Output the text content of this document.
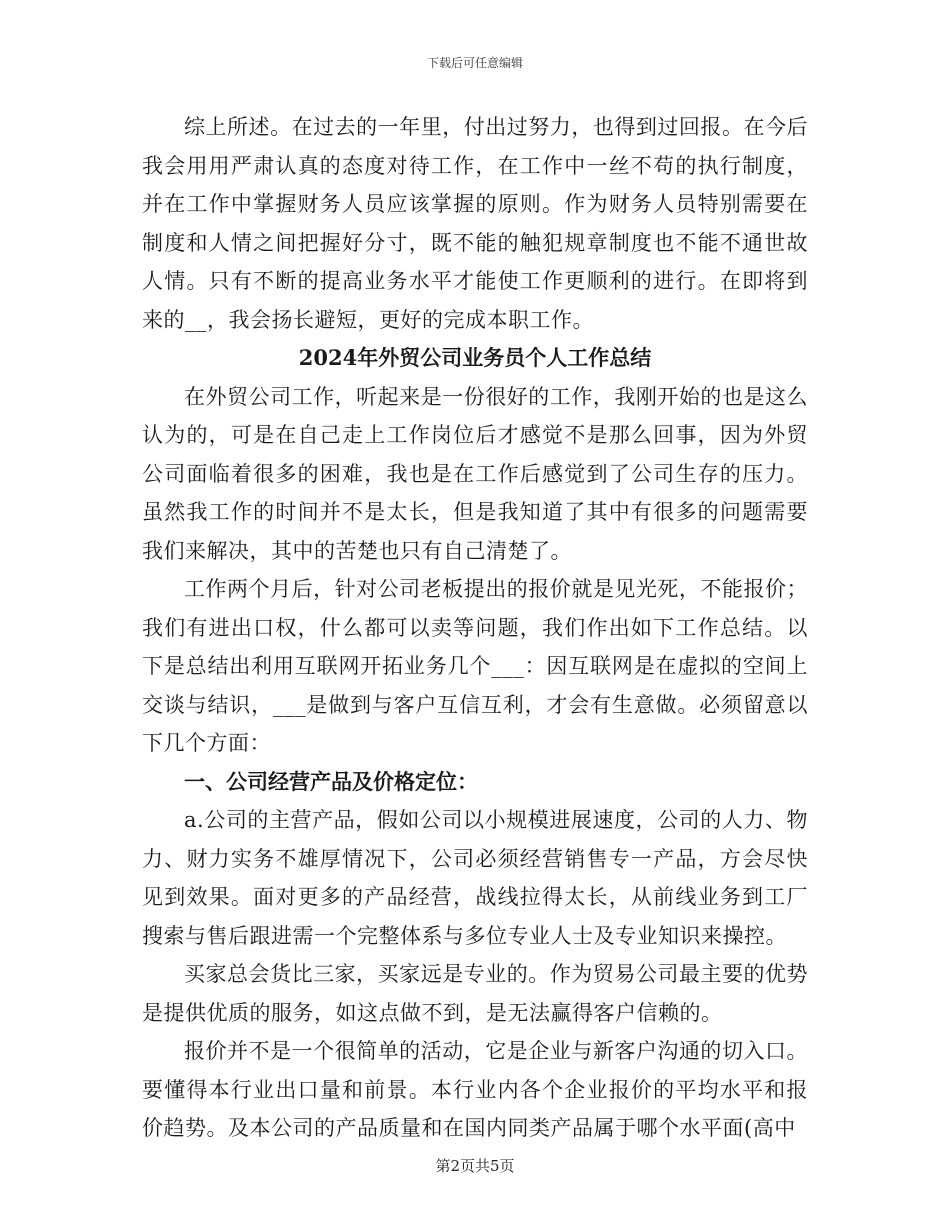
下载后可任意编辑

综上所述。在过去的一年里，付出过努力，也得到过回报。在今后我会用用严肃认真的态度对待工作，在工作中一丝不苟的执行制度，并在工作中掌握财务人员应该掌握的原则。作为财务人员特别需要在制度和人情之间把握好分寸，既不能的触犯规章制度也不能不通世故人情。只有不断的提高业务水平才能使工作更顺利的进行。在即将到来的__，我会扬长避短，更好的完成本职工作。

2024年外贸公司业务员个人工作总结

在外贸公司工作，听起来是一份很好的工作，我刚开始的也是这么认为的，可是在自己走上工作岗位后才感觉不是那么回事，因为外贸公司面临着很多的困难，我也是在工作后感觉到了公司生存的压力。虽然我工作的时间并不是太长，但是我知道了其中有很多的问题需要我们来解决，其中的苦楚也只有自己清楚了。

工作两个月后，针对公司老板提出的报价就是见光死，不能报价；我们有进出口权，什么都可以卖等问题，我们作出如下工作总结。以下是总结出利用互联网开拓业务几个___：因互联网是在虚拟的空间上交谈与结识，___是做到与客户互信互利，才会有生意做。必须留意以下几个方面：

一、公司经营产品及价格定位：

a.公司的主营产品，假如公司以小规模进展速度，公司的人力、物力、财力实务不雄厚情况下，公司必须经营销售专一产品，方会尽快见到效果。面对更多的产品经营，战线拉得太长，从前线业务到工厂搜索与售后跟进需一个完整体系与多位专业人士及专业知识来操控。

买家总会货比三家，买家远是专业的。作为贸易公司最主要的优势是提供优质的服务，如这点做不到，是无法赢得客户信赖的。

报价并不是一个很简单的活动，它是企业与新客户沟通的切入口。要懂得本行业出口量和前景。本行业内各个企业报价的平均水平和报价趋势。及本公司的产品质量和在国内同类产品属于哪个水平面(高中

第2页共5页
